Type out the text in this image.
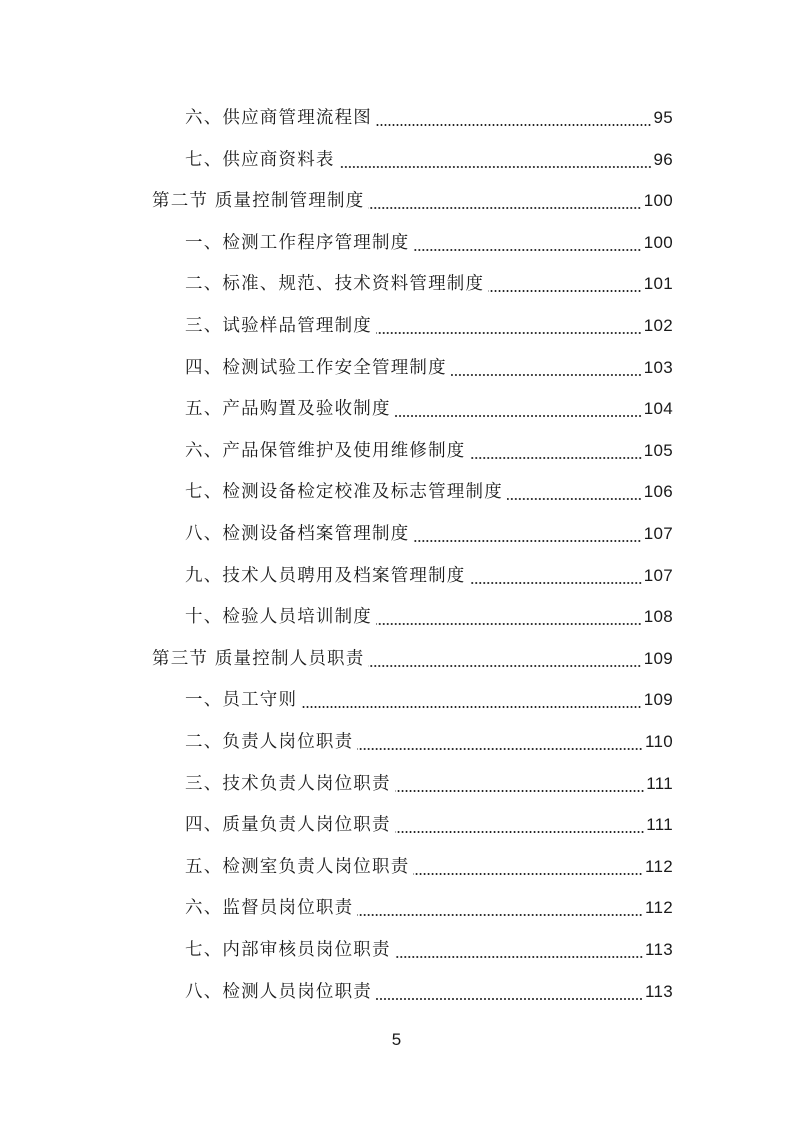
六、供应商管理流程图	95
七、供应商资料表	96
第二节 质量控制管理制度	100
一、检测工作程序管理制度	100
二、标准、规范、技术资料管理制度	101
三、试验样品管理制度	102
四、检测试验工作安全管理制度	103
五、产品购置及验收制度	104
六、产品保管维护及使用维修制度	105
七、检测设备检定校准及标志管理制度	106
八、检测设备档案管理制度	107
九、技术人员聘用及档案管理制度	107
十、检验人员培训制度	108
第三节 质量控制人员职责	109
一、员工守则	109
二、负责人岗位职责	110
三、技术负责人岗位职责	111
四、质量负责人岗位职责	111
五、检测室负责人岗位职责	112
六、监督员岗位职责	112
七、内部审核员岗位职责	113
八、检测人员岗位职责	113
5
